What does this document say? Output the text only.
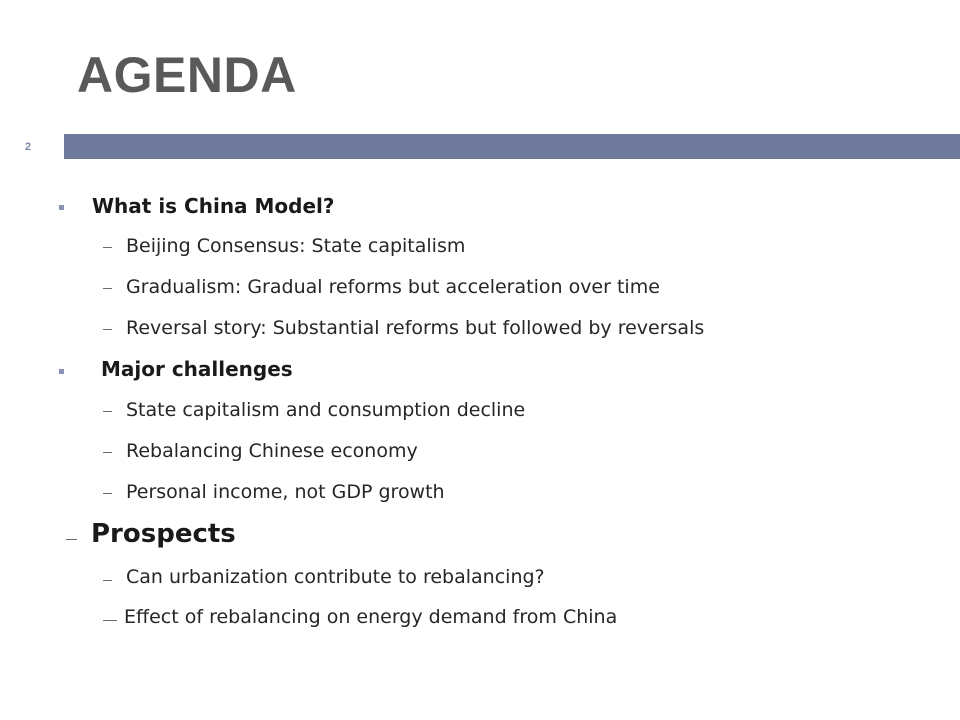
AGENDA
2
What is China Model?
Beijing Consensus: State capitalism
Gradualism: Gradual reforms but acceleration over time
Reversal story: Substantial reforms but followed by reversals
Major challenges
State capitalism and consumption decline
Rebalancing Chinese economy
Personal income, not GDP growth
Prospects
Can urbanization contribute to rebalancing?
Effect of rebalancing on energy demand from China
